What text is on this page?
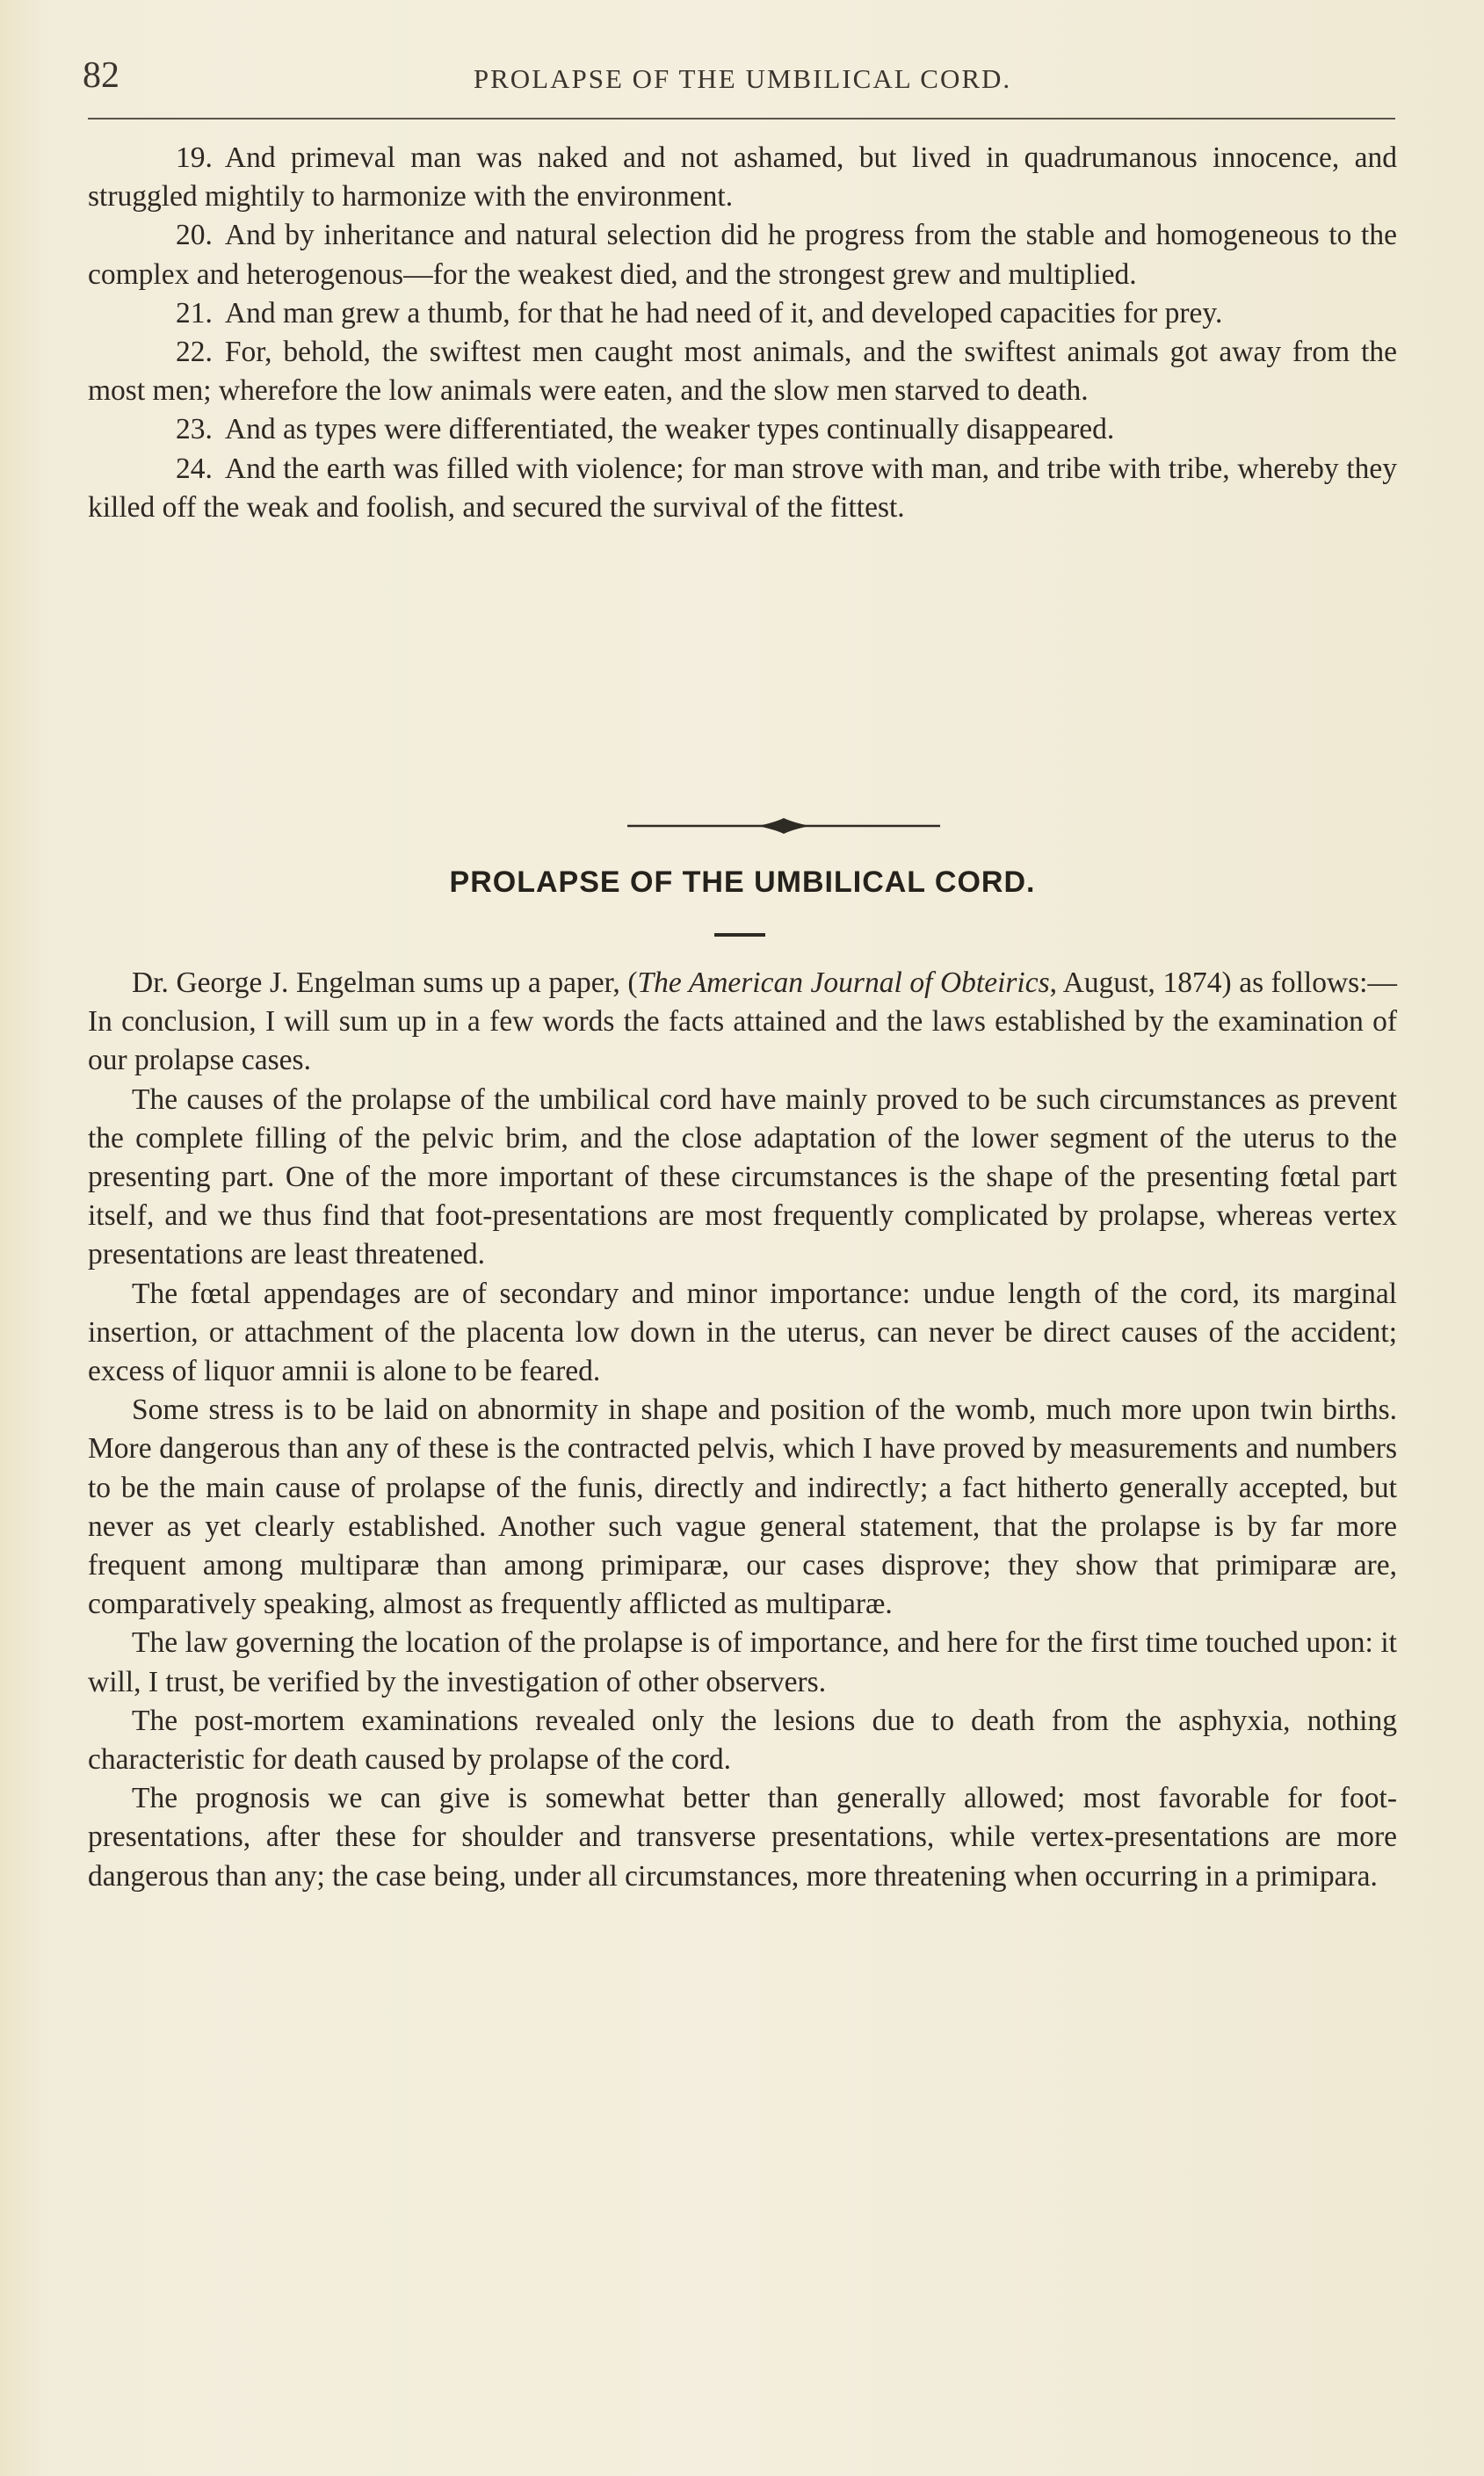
82	PROLAPSE OF THE UMBILICAL CORD.

19. And primeval man was naked and not ashamed, but lived in quadrumanous innocence, and struggled mightily to harmonize with the environment.

20. And by inheritance and natural selection did he progress from the stable and homogeneous to the complex and heterogenous—for the weakest died, and the strongest grew and multiplied.

21. And man grew a thumb, for that he had need of it, and developed capacities for prey.

22. For, behold, the swiftest men caught most animals, and the swiftest animals got away from the most men; wherefore the low animals were eaten, and the slow men starved to death.

23. And as types were differentiated, the weaker types continually disappeared.

24. And the earth was filled with violence; for man strove with man, and tribe with tribe, whereby they killed off the weak and foolish, and secured the survival of the fittest.

PROLAPSE OF THE UMBILICAL CORD.

Dr. George J. Engelman sums up a paper, (The American Journal of Obteirics, August, 1874) as follows:—In conclusion, I will sum up in a few words the facts attained and the laws established by the examination of our prolapse cases.

The causes of the prolapse of the umbilical cord have mainly proved to be such circumstances as prevent the complete filling of the pelvic brim, and the close adaptation of the lower segment of the uterus to the presenting part. One of the more important of these circumstances is the shape of the presenting fœtal part itself, and we thus find that foot-presentations are most frequently complicated by prolapse, whereas vertex presentations are least threatened.

The fœtal appendages are of secondary and minor importance: undue length of the cord, its marginal insertion, or attachment of the placenta low down in the uterus, can never be direct causes of the accident; excess of liquor amnii is alone to be feared.

Some stress is to be laid on abnormity in shape and position of the womb, much more upon twin births. More dangerous than any of these is the contracted pelvis, which I have proved by measurements and numbers to be the main cause of prolapse of the funis, directly and indirectly; a fact hitherto generally accepted, but never as yet clearly established. Another such vague general statement, that the prolapse is by far more frequent among multiparæ than among primiparæ, our cases disprove; they show that primiparæ are, comparatively speaking, almost as frequently afflicted as multiparæ.

The law governing the location of the prolapse is of importance, and here for the first time touched upon: it will, I trust, be verified by the investigation of other observers.

The post-mortem examinations revealed only the lesions due to death from the asphyxia, nothing characteristic for death caused by prolapse of the cord.

The prognosis we can give is somewhat better than generally allowed; most favorable for foot-presentations, after these for shoulder and transverse presentations, while vertex-presentations are more dangerous than any; the case being, under all circumstances, more threatening when occurring in a primipara.
